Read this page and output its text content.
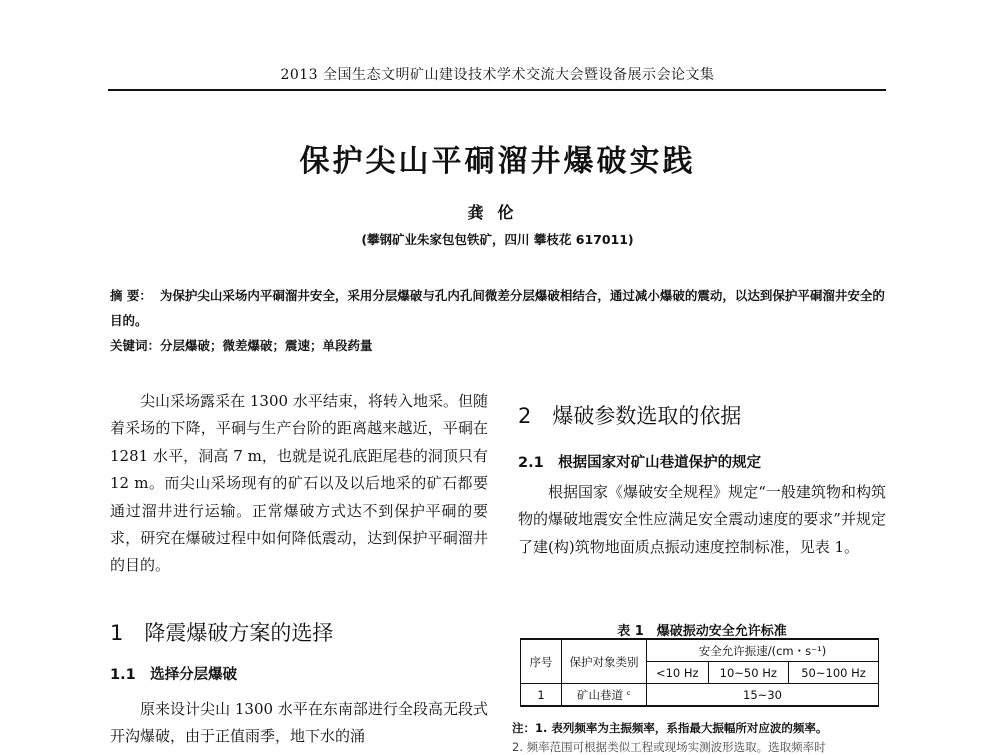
2013 全国生态文明矿山建设技术学术交流大会暨设备展示会论文集
保护尖山平硐溜井爆破实践
龚伦
(攀钢矿业朱家包包铁矿，四川 攀枝花 617011)
摘 要： 为保护尖山采场内平硐溜井安全，采用分层爆破与孔内孔间微差分层爆破相结合，通过减小爆破的震动，以达到保护平硐溜井安全的目的。
关键词：分层爆破；微差爆破；震速；单段药量

尖山采场露采在 1300 水平结束，将转入地采。但随着采场的下降，平硐与生产台阶的距离越来越近，平硐在 1281 水平，洞高 7 m，也就是说孔底距尾巷的洞顶只有 12 m。而尖山采场现有的矿石以及以后地采的矿石都要通过溜井进行运输。正常爆破方式达不到保护平硐的要求，研究在爆破过程中如何降低震动，达到保护平硐溜井的目的。

1　降震爆破方案的选择
1.1　选择分层爆破

原来设计尖山 1300 水平在东南部进行全段高无段式开沟爆破，由于正值雨季，地下水的涌

2　爆破参数选取的依据
2.1　根据国家对矿山巷道保护的规定

根据国家《爆破安全规程》规定“一般建筑物和构筑物的爆破地震安全性应满足安全震动速度的要求”并规定了建(构)筑物地面质点振动速度控制标准，见表 1。

表 1　爆破振动安全允许标准
序号	保护对象类别	安全允许振速/(cm・s⁻¹)		
		<10 Hz	10~50 Hz	50~100 Hz
1	矿山巷道 ᶜ	15~30		
注：1. 表列频率为主振频率，系指最大振幅所对应波的频率。
2. 频率范围可根据类似工程或现场实测波形选取。选取频率时
